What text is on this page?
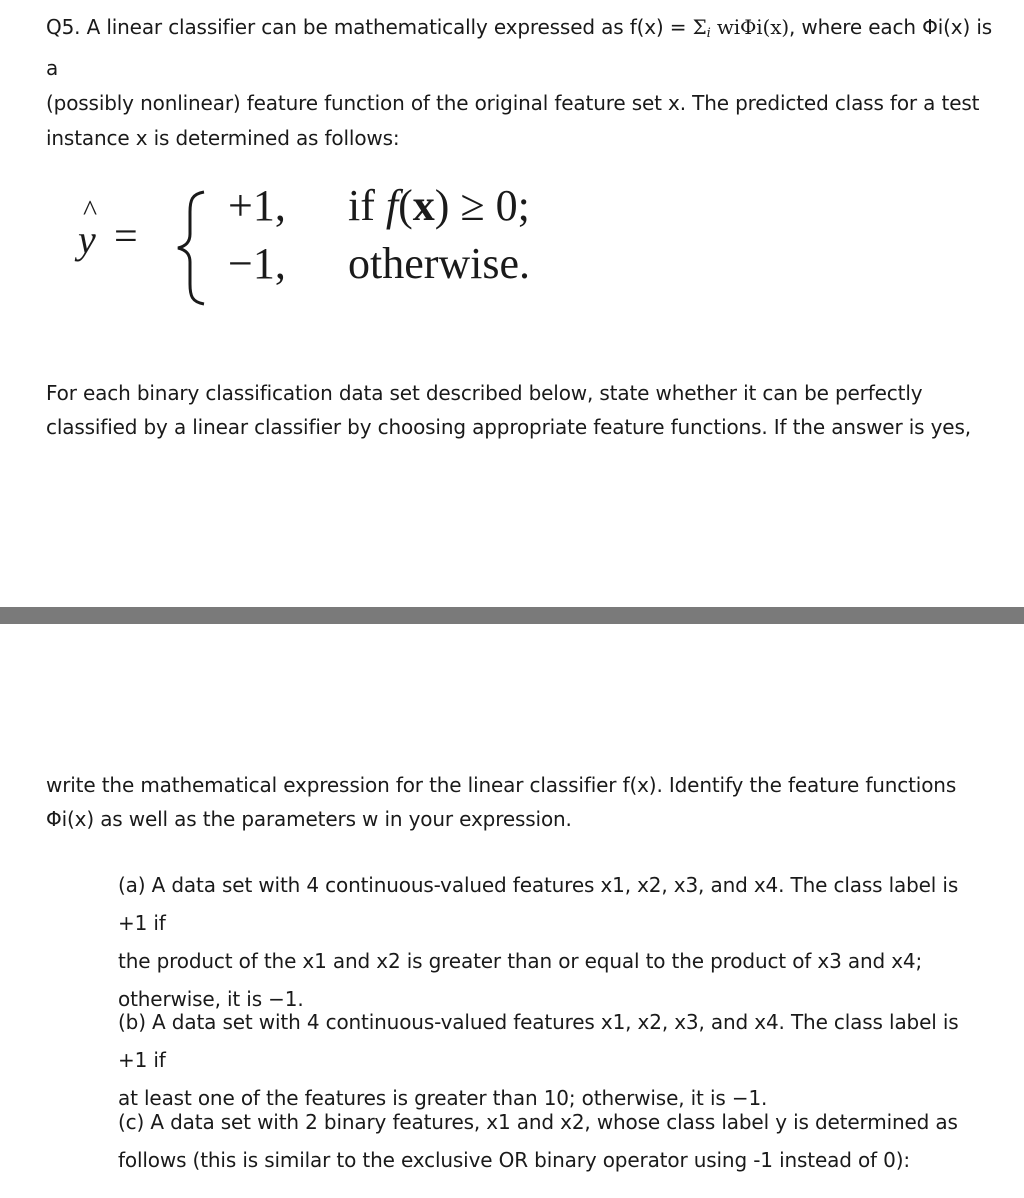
Q5. A linear classifier can be mathematically expressed as $f(x) = \Sigma_i$ wiΦi(x), where each Φi(x) is a

(possibly nonlinear) feature function of the original feature set x. The predicted class for a test

instance x is determined as follows:

y
^
=
+1, if f(x) ≥ 0;
−1, otherwise.

For each binary classification data set described below, state whether it can be perfectly

classified by a linear classifier by choosing appropriate feature functions. If the answer is yes,

write the mathematical expression for the linear classifier f(x). Identify the feature functions

Φi(x) as well as the parameters w in your expression.

(a) A data set with 4 continuous-valued features x1, x2, x3, and x4. The class label is +1 if

the product of the x1 and x2 is greater than or equal to the product of x3 and x4;

otherwise, it is −1.

(b) A data set with 4 continuous-valued features x1, x2, x3, and x4. The class label is +1 if

at least one of the features is greater than 10; otherwise, it is −1.

(c) A data set with 2 binary features, x1 and x2, whose class label y is determined as

follows (this is similar to the exclusive OR binary operator using -1 instead of 0):
